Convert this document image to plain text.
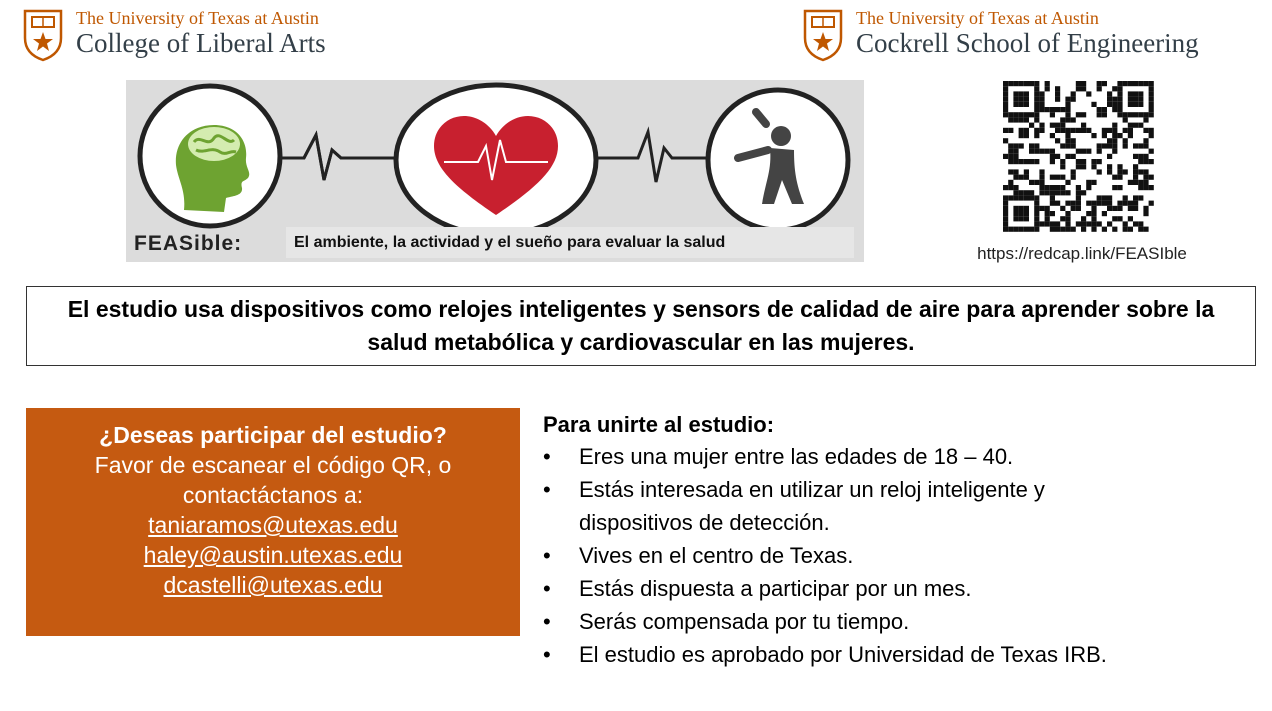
The University of Texas at Austin
College of Liberal Arts
The University of Texas at Austin
Cockrell School of Engineering
FEASible:	El ambiente, la actividad y el sueño para evaluar la salud
https://redcap.link/FEASIble
El estudio usa dispositivos como relojes inteligentes y sensors de calidad de aire para aprender sobre la salud metabólica y cardiovascular en las mujeres.
¿Deseas participar del estudio?
Favor de escanear el código QR, o
contactáctanos a:
taniaramos@utexas.edu
haley@austin.utexas.edu
dcastelli@utexas.edu
Para unirte al estudio:
• Eres una mujer entre las edades de 18 – 40.
• Estás interesada en utilizar un reloj inteligente y dispositivos de detección.
• Vives en el centro de Texas.
• Estás dispuesta a participar por un mes.
• Serás compensada por tu tiempo.
• El estudio es aprobado por Universidad de Texas IRB.
